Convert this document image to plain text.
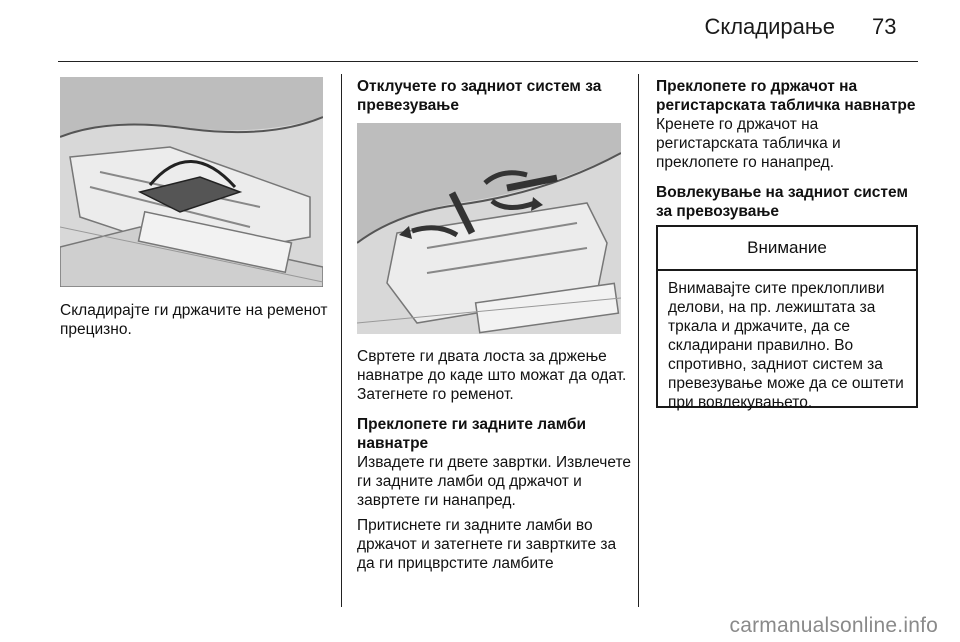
Складирање 73

Складирајте ги држачите на ременот прецизно.

Отклучете го задниот систем за превезување

Свртете ги двата лоста за држење навнатре до каде што можат да одат. Затегнете го ременот.

Преклопете ги задните ламби навнатре

Извадете ги двете завртки. Извлечете ги задните ламби од држачот и завртете ги нанапред.

Притиснете ги задните ламби во држачот и затегнете ги завртките за да ги прицврстите ламбите

Преклопете го држачот на регистарската табличка навнатре

Кренете го држачот на регистарската табличка и преклопете го нанапред.

Вовлекување на задниот систем за превозување

Внимание
Внимавајте сите преклопливи делови, на пр. лежиштата за тркала и држачите, да се складирани правилно. Во спротивно, задниот систем за превезување може да се оштети при вовлекувањето.
carmanualsonline.info
